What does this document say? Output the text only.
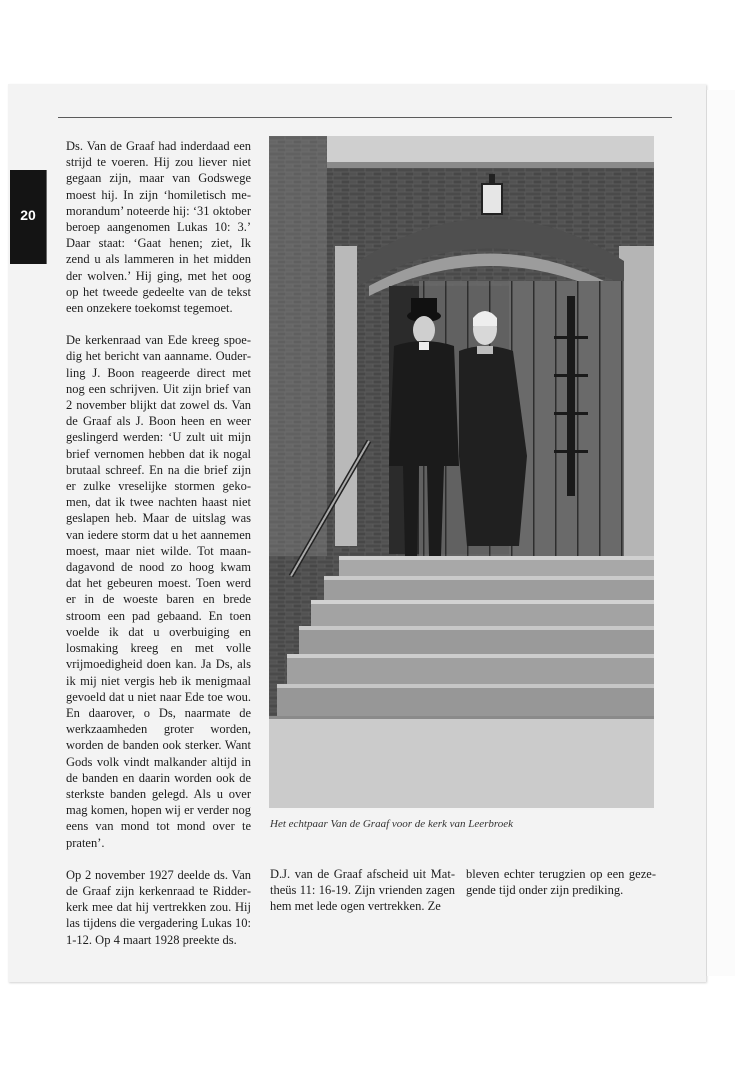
20

Ds. Van de Graaf had inderdaad een strijd te voeren. Hij zou liever niet gegaan zijn, maar van Godswege moest hij. In zijn ‘homiletisch memorandum’ noteerde hij: ‘31 oktober beroep aangenomen Lukas 10: 3.’ Daar staat: ‘Gaat henen; ziet, Ik zend u als lammeren in het midden der wolven.’ Hij ging, met het oog op het tweede gedeelte van de tekst een onzekere toekomst tegemoet.

De kerkenraad van Ede kreeg spoedig het bericht van aanname. Ouderling J. Boon reageerde direct met nog een schrijven. Uit zijn brief van 2 november blijkt dat zowel ds. Van de Graaf als J. Boon heen en weer geslingerd werden: ‘U zult uit mijn brief vernomen hebben dat ik nogal brutaal schreef. En na die brief zijn er zulke vreselijke stormen gekomen, dat ik twee nachten haast niet geslapen heb. Maar de uitslag was van iedere storm dat u het aannemen moest, maar niet wilde. Tot maandagavond de nood zo hoog kwam dat het gebeuren moest. Toen werd er in de woeste baren en brede stroom een pad gebaand. En toen voelde ik dat u overbuiging en losmaking kreeg en met volle vrijmoedigheid doen kan. Ja Ds, als ik mij niet vergis heb ik menigmaal gevoeld dat u niet naar Ede toe wou. En daarover, o Ds, naarmate de werkzaamheden groter worden, worden de banden ook sterker. Want Gods volk vindt malkander altijd in de banden en daarin worden ook de sterkste banden gelegd. Als u over mag komen, hopen wij er verder nog eens van mond tot mond over te praten’.

Op 2 november 1927 deelde ds. Van de Graaf zijn kerkenraad te Ridderkerk mee dat hij vertrekken zou. Hij las tijdens die vergadering Lukas 10: 1-12. Op 4 maart 1928 preekte ds.

Het echtpaar Van de Graaf voor de kerk van Leerbroek

D.J. van de Graaf afscheid uit Mattheüs 11: 16-19. Zijn vrienden zagen hem met lede ogen vertrekken. Ze

bleven echter terugzien op een gezegende tijd onder zijn prediking.
